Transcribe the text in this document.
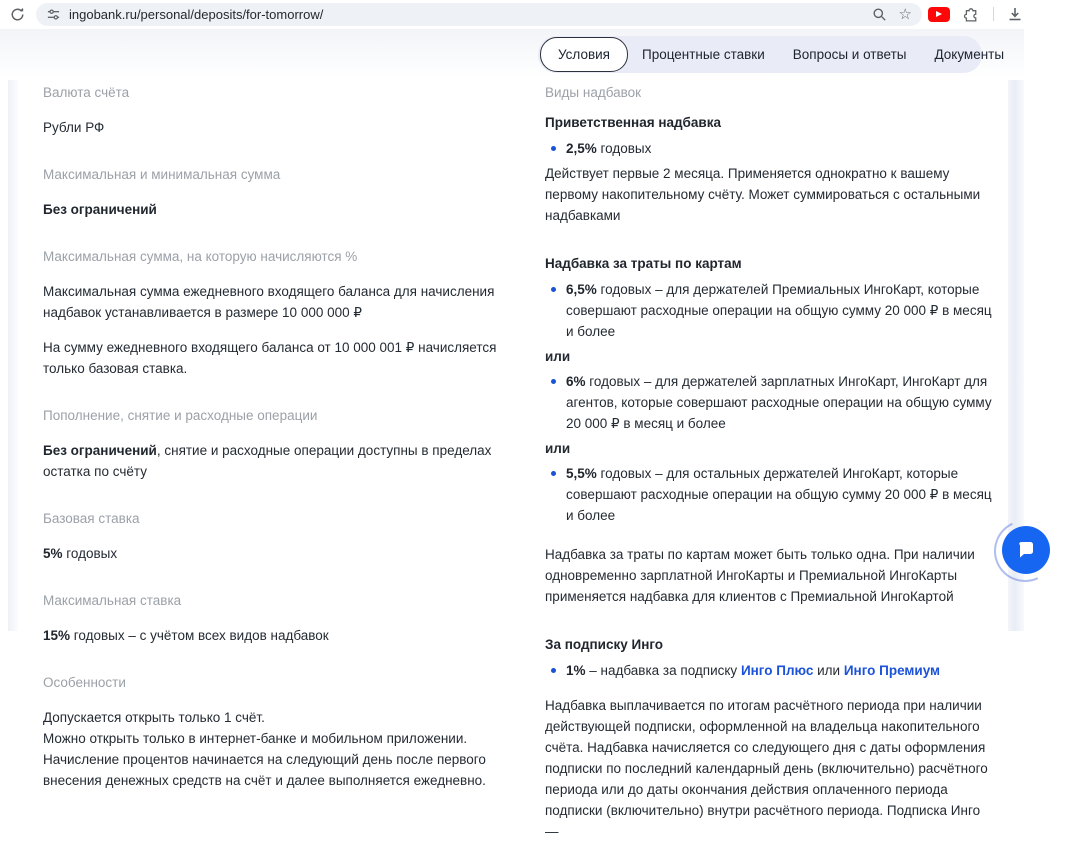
ingobank.ru/personal/deposits/for-tomorrow/	☆
Условия	Процентные ставки	Вопросы и ответы	Документы

Валюта счёта

Рубли РФ

Максимальная и минимальная сумма

Без ограничений

Максимальная сумма, на которую начисляются %

Максимальная сумма ежедневного входящего баланса для начисления надбавок устанавливается в размере 10 000 000 ₽

На сумму ежедневного входящего баланса от 10 000 001 ₽ начисляется только базовая ставка.

Пополнение, снятие и расходные операции

Без ограничений, снятие и расходные операции доступны в пределах остатка по счёту

Базовая ставка

5% годовых

Максимальная ставка

15% годовых – с учётом всех видов надбавок

Особенности

Допускается открыть только 1 счёт.

Можно открыть только в интернет-банке и мобильном приложении.

Начисление процентов начинается на следующий день после первого внесения денежных средств на счёт и далее выполняется ежедневно.

Виды надбавок

Приветственная надбавка

2,5% годовых

Действует первые 2 месяца. Применяется однократно к вашему первому накопительному счёту. Может суммироваться с остальными надбавками

Надбавка за траты по картам

6,5% годовых – для держателей Премиальных ИнгоКарт, которые совершают расходные операции на общую сумму 20 000 ₽ в месяц и более

или

6% годовых – для держателей зарплатных ИнгоКарт, ИнгоКарт для агентов, которые совершают расходные операции на общую сумму 20 000 ₽ в месяц и более

или

5,5% годовых – для остальных держателей ИнгоКарт, которые совершают расходные операции на общую сумму 20 000 ₽ в месяц и более

Надбавка за траты по картам может быть только одна. При наличии одновременно зарплатной ИнгоКарты и Премиальной ИнгоКарты применяется надбавка для клиентов с Премиальной ИнгоКартой

За подписку Инго

1% – надбавка за подписку Инго Плюс или Инго Премиум

Надбавка выплачивается по итогам расчётного периода при наличии действующей подписки, оформленной на владельца накопительного счёта. Надбавка начисляется со следующего дня с даты оформления подписки по последний календарный день (включительно) расчётного периода или до даты окончания действия оплаченного периода подписки (включительно) внутри расчётного периода. Подписка Инго —
